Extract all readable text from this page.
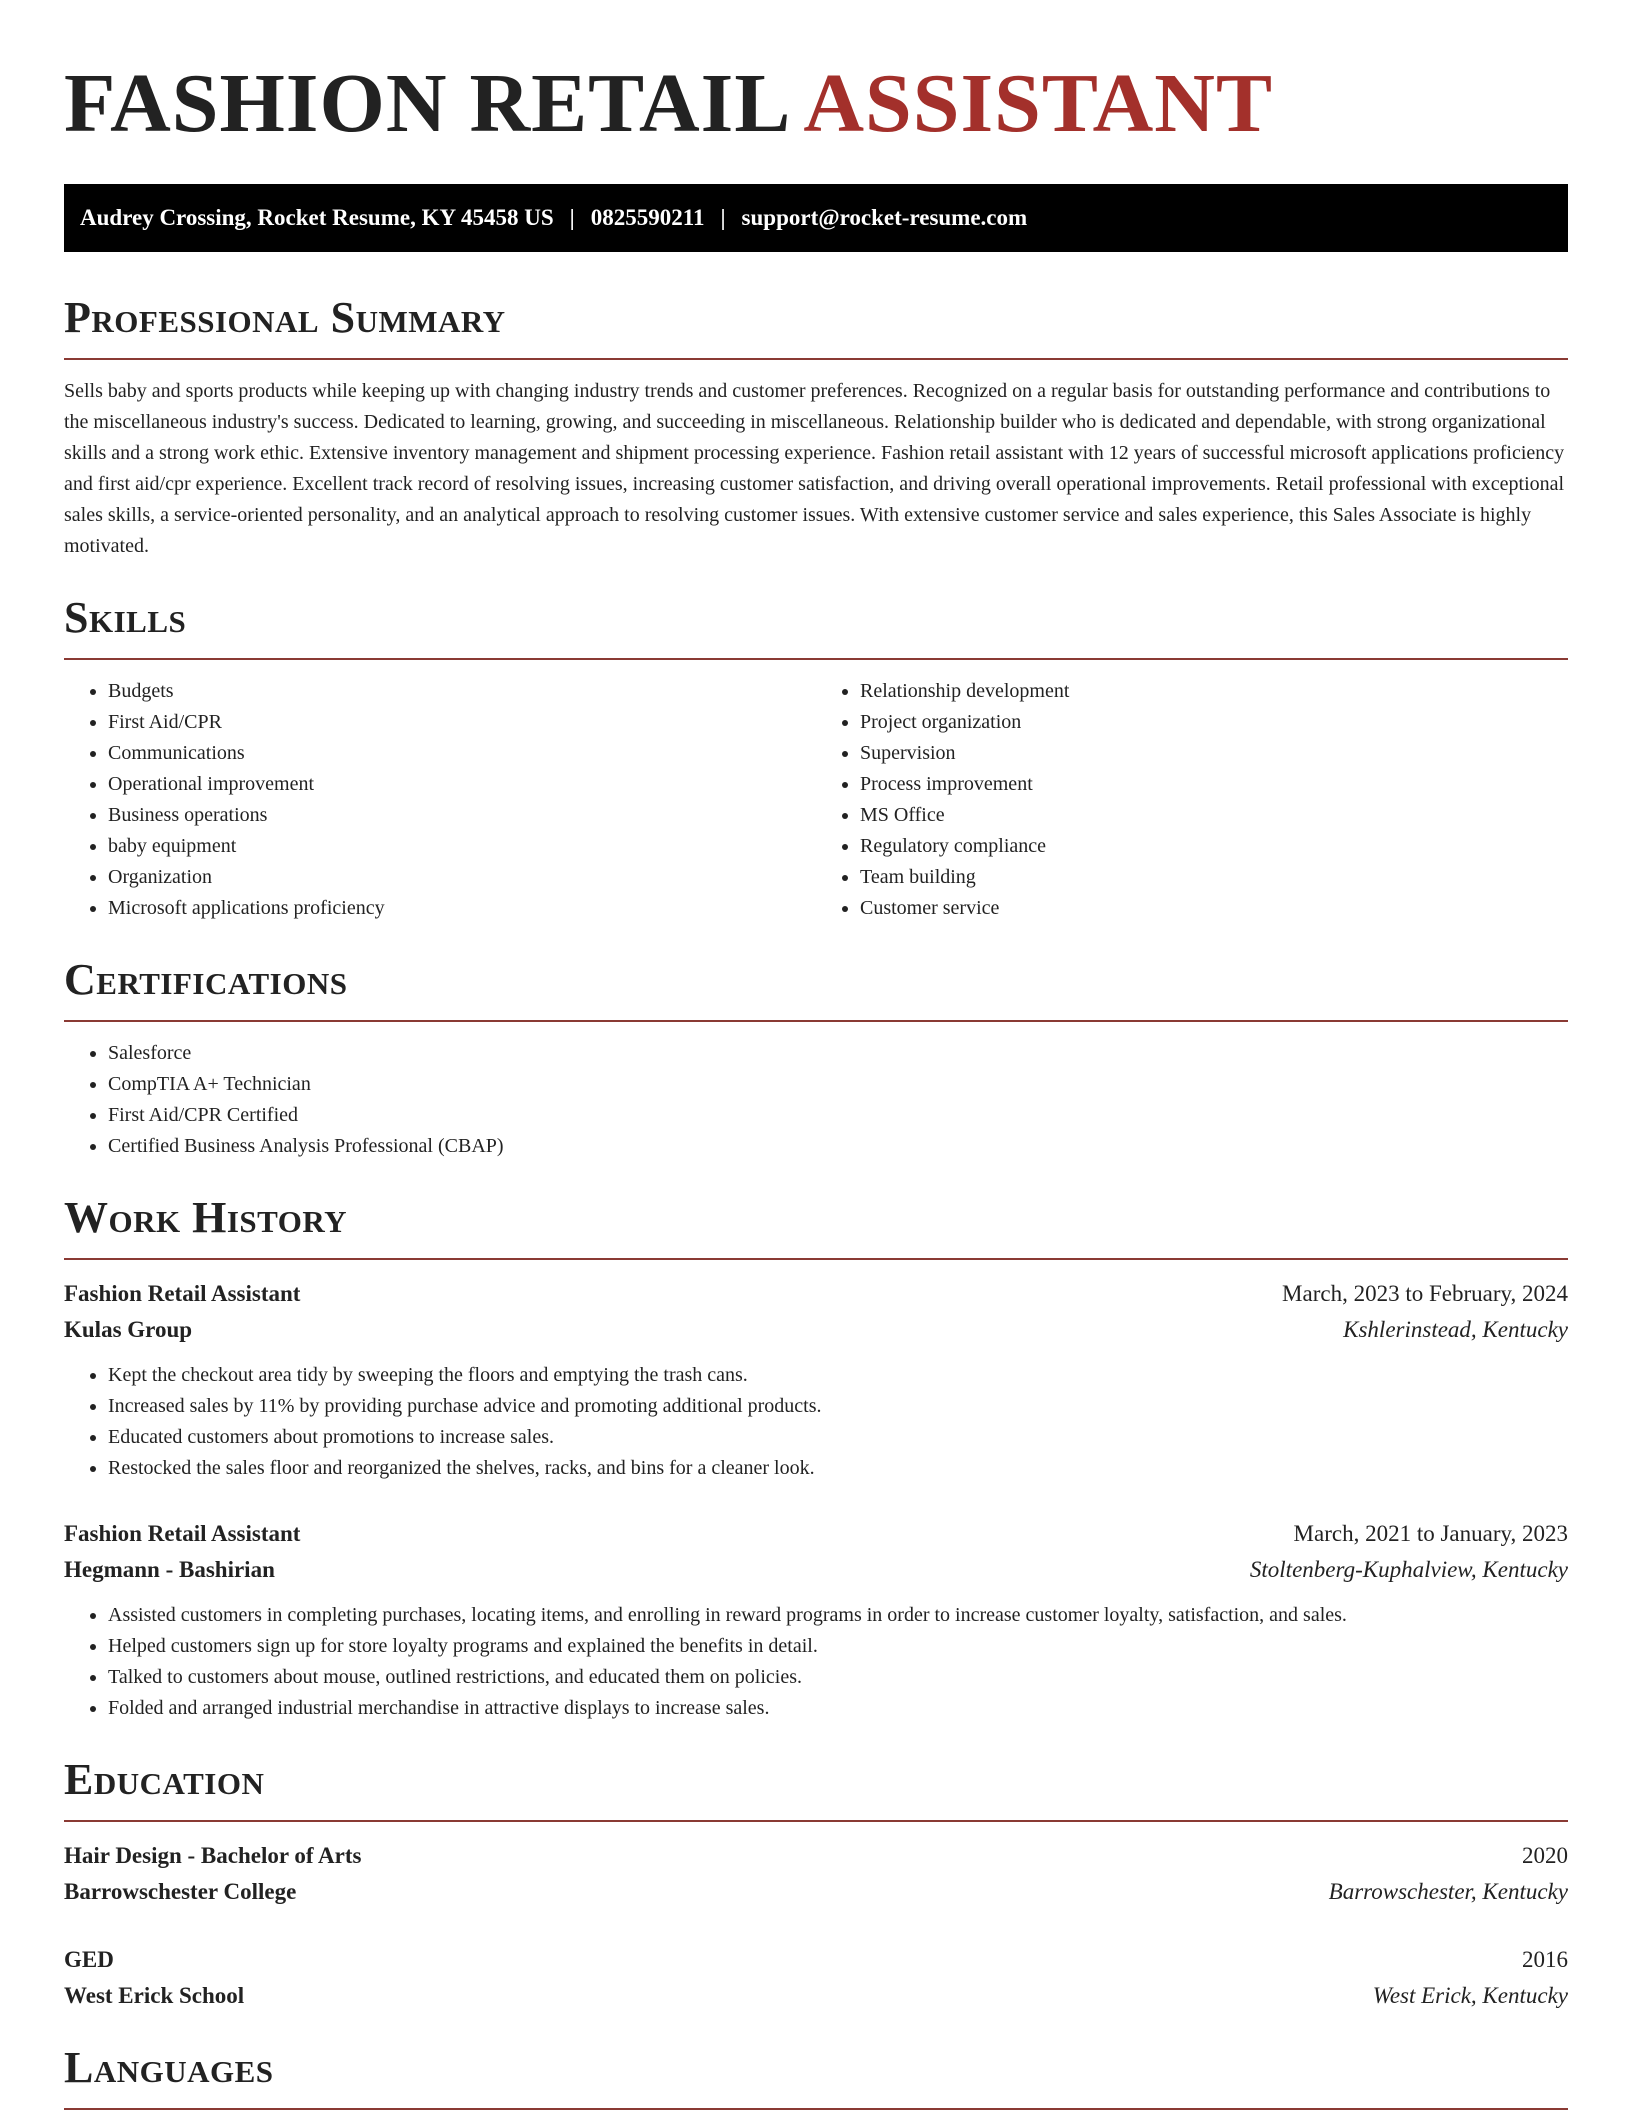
FASHION RETAIL ASSISTANT
Audrey Crossing, Rocket Resume, KY 45458 US | 0825590211 | support@rocket-resume.com
Professional Summary

Sells baby and sports products while keeping up with changing industry trends and customer preferences. Recognized on a regular basis for outstanding performance and contributions to the miscellaneous industry's success. Dedicated to learning, growing, and succeeding in miscellaneous. Relationship builder who is dedicated and dependable, with strong organizational skills and a strong work ethic. Extensive inventory management and shipment processing experience. Fashion retail assistant with 12 years of successful microsoft applications proficiency and first aid/cpr experience. Excellent track record of resolving issues, increasing customer satisfaction, and driving overall operational improvements. Retail professional with exceptional sales skills, a service-oriented personality, and an analytical approach to resolving customer issues. With extensive customer service and sales experience, this Sales Associate is highly motivated.

Skills
• Budgets
• First Aid/CPR
• Communications
• Operational improvement
• Business operations
• baby equipment
• Organization
• Microsoft applications proficiency
• Relationship development
• Project organization
• Supervision
• Process improvement
• MS Office
• Regulatory compliance
• Team building
• Customer service
Certifications
• Salesforce
• CompTIA A+ Technician
• First Aid/CPR Certified
• Certified Business Analysis Professional (CBAP)
Work History
Fashion Retail Assistant	March, 2023 to February, 2024
Kulas Group	Kshlerinstead, Kentucky
• Kept the checkout area tidy by sweeping the floors and emptying the trash cans.
• Increased sales by 11% by providing purchase advice and promoting additional products.
• Educated customers about promotions to increase sales.
• Restocked the sales floor and reorganized the shelves, racks, and bins for a cleaner look.
Fashion Retail Assistant	March, 2021 to January, 2023
Hegmann - Bashirian	Stoltenberg-Kuphalview, Kentucky
• Assisted customers in completing purchases, locating items, and enrolling in reward programs in order to increase customer loyalty, satisfaction, and sales.
• Helped customers sign up for store loyalty programs and explained the benefits in detail.
• Talked to customers about mouse, outlined restrictions, and educated them on policies.
• Folded and arranged industrial merchandise in attractive displays to increase sales.
Education
Hair Design - Bachelor of Arts	2020
Barrowschester College	Barrowschester, Kentucky
GED	2016
West Erick School	West Erick, Kentucky
Languages
